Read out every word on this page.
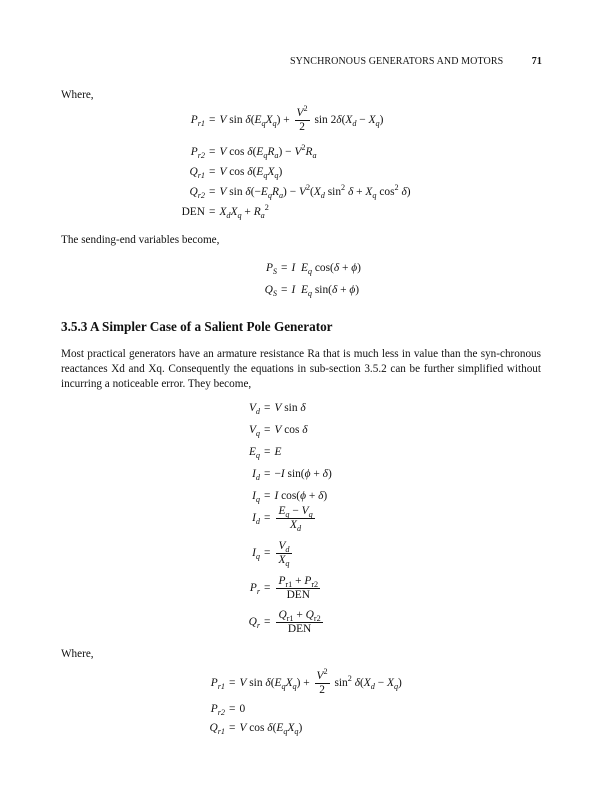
SYNCHRONOUS GENERATORS AND MOTORS	71
Where,
$P_{r1} = V$ $\sin \delta(E_qX_q) + \frac{V^2}{2}$ $\sin 2\delta(X_d - X_q)$
$P_{r2} = V$ $\cos \delta(E_qR_a) - V^2R_a$
$Q_{r1} = V$ $\cos \delta(E_qX_q)$
$Q_{r2} = V$ $\sin \delta(-E_qR_a) - V^2(X_d$ $\sin^2 \delta + X_q$ $\cos^2 \delta$)
DEN = $X_dX_q + R_a^2$
The sending-end variables become,
$P_S = I$ $E_q$ cos(δ + ϕ)
$Q_S = I$ $E_q$ sin(δ + ϕ)
3.5.3 A Simpler Case of a Salient Pole Generator
Most practical generators have an armature resistance Ra that is much less in value than the syn-chronous reactances Xd and Xq. Consequently the equations in sub-section 3.5.2 can be further simplified without incurring a noticeable error. They become,
$V_d = V$ sin δ
$V_q = V$ cos δ
$E_q = E$
$I_d = -I$ sin(ϕ + δ)
$I_q = I$ cos(ϕ + δ)
$I_d = \frac{E_q - V_q}{X_d}$
$I_q = \frac{V_d}{X_q}$
$P_r = \frac{P_{r1} + P_{r2}}{\text{DEN}}$
$Q_r = \frac{Q_{r1} + Q_{r2}}{\text{DEN}}$
Where,
$P_{r1} = V$ $\sin \delta(E_qX_q) + \frac{V^2}{2} \sin^2 \delta(X_d - X_q)$
$P_{r2} = 0$
$Q_{r1} = V$ $\cos \delta(E_qX_q)$
